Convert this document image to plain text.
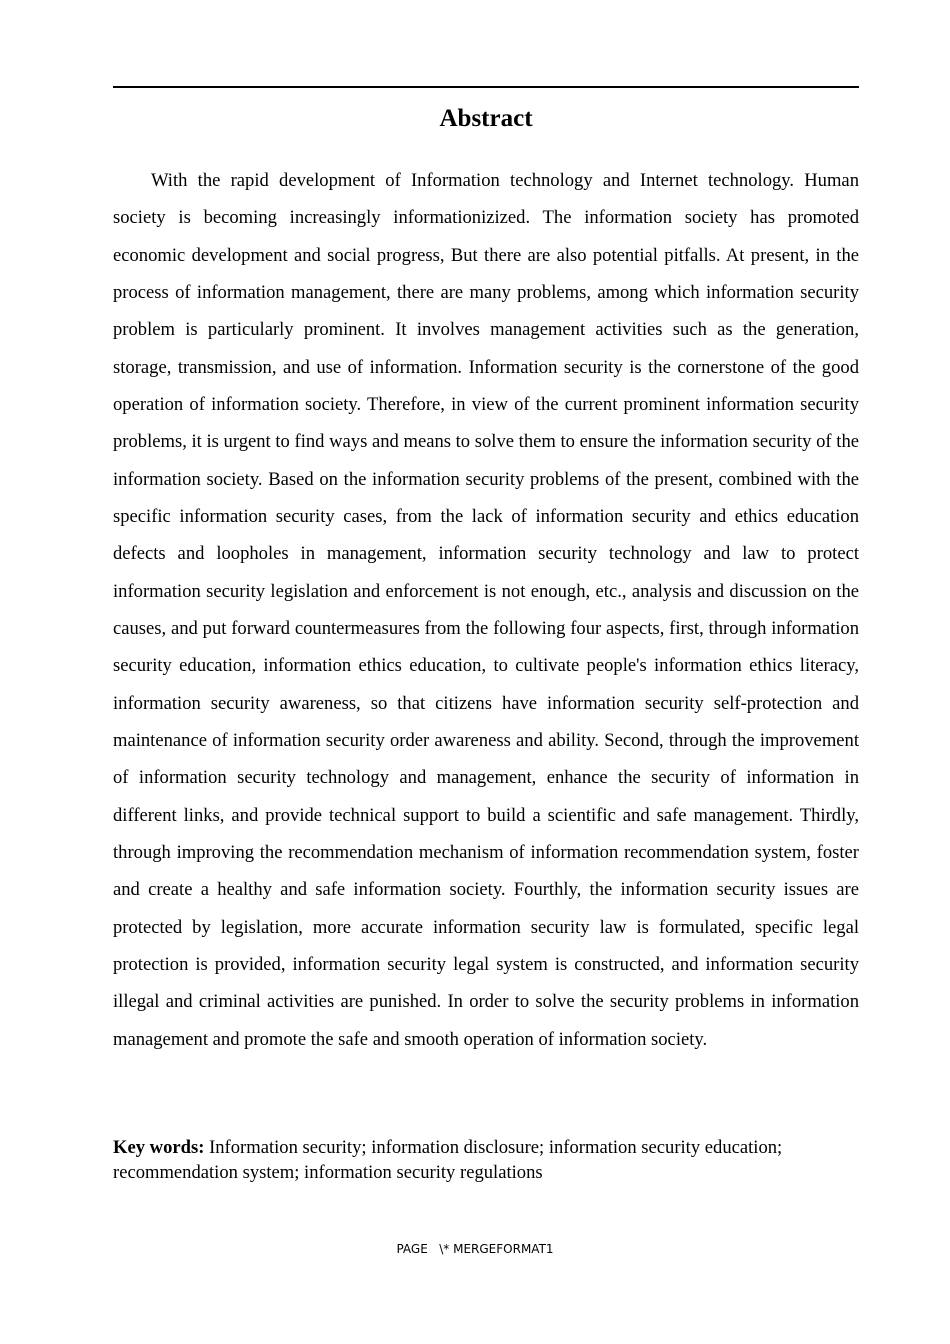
Abstract

With the rapid development of Information technology and Internet technology. Human society is becoming increasingly informationizized. The information society has promoted economic development and social progress, But there are also potential pitfalls. At present, in the process of information management, there are many problems, among which information security problem is particularly prominent. It involves management activities such as the generation, storage, transmission, and use of information. Information security is the cornerstone of the good operation of information society. Therefore, in view of the current prominent information security problems, it is urgent to find ways and means to solve them to ensure the information security of the information society. Based on the information security problems of the present, combined with the specific information security cases, from the lack of information security and ethics education defects and loopholes in management, information security technology and law to protect information security legislation and enforcement is not enough, etc., analysis and discussion on the causes, and put forward countermeasures from the following four aspects, first, through information security education, information ethics education, to cultivate people's information ethics literacy, information security awareness, so that citizens have information security self-protection and maintenance of information security order awareness and ability. Second, through the improvement of information security technology and management, enhance the security of information in different links, and provide technical support to build a scientific and safe management. Thirdly, through improving the recommendation mechanism of information recommendation system, foster and create a healthy and safe information society. Fourthly, the information security issues are protected by legislation, more accurate information security law is formulated, specific legal protection is provided, information security legal system is constructed, and information security illegal and criminal activities are punished. In order to solve the security problems in information management and promote the safe and smooth operation of information society.

Key words: Information security; information disclosure; information security education; recommendation system; information security regulations

PAGE   \* MERGEFORMAT1
